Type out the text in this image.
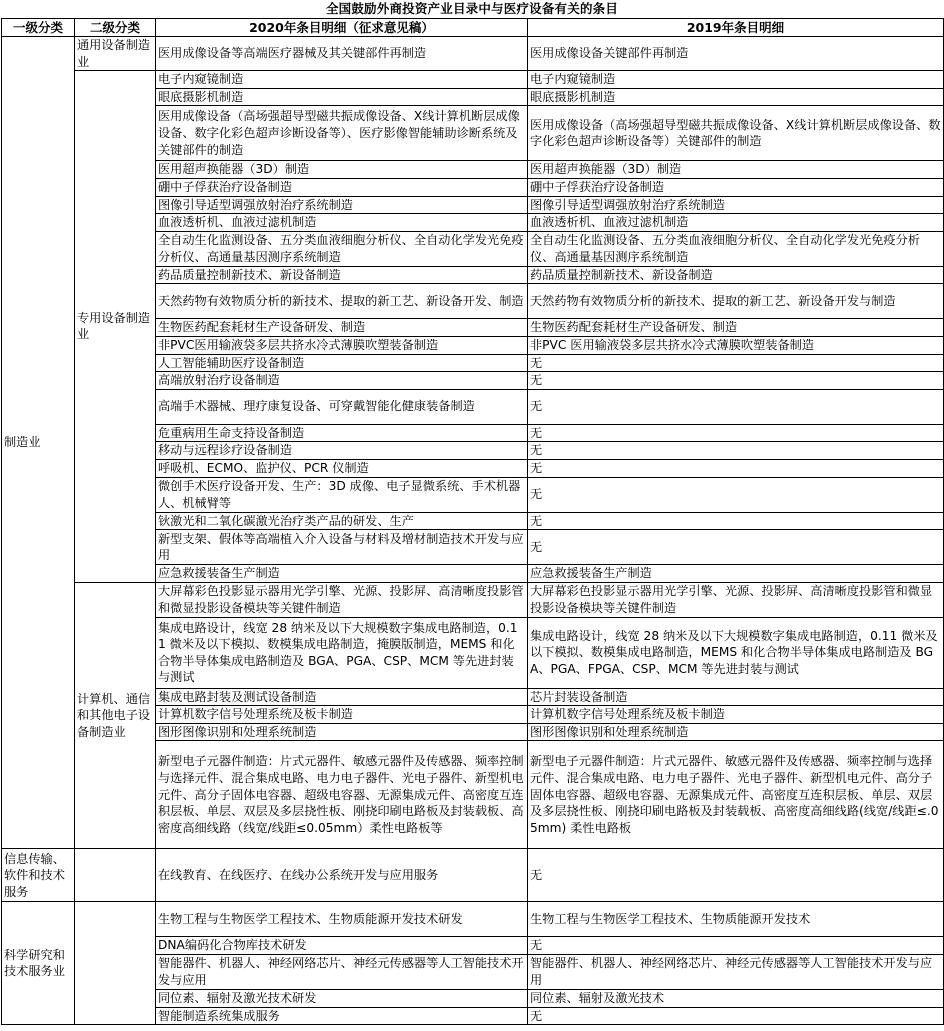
全国鼓励外商投资产业目录中与医疗设备有关的条目
一级分类	二级分类	2020年条目明细（征求意见稿）	2019年条目明细
制造业	通用设备制造业	医用成像设备等高端医疗器械及其关键部件再制造	医用成像设备关键部件再制造
	专用设备制造业	电子内窥镜制造	电子内窥镜制造
		眼底摄影机制造	眼底摄影机制造
		医用成像设备（高场强超导型磁共振成像设备、X线计算机断层成像设备、数字化彩色超声诊断设备等）、医疗影像智能辅助诊断系统及关键部件的制造	医用成像设备（高场强超导型磁共振成像设备、X线计算机断层成像设备、数字化彩色超声诊断设备等）关键部件的制造
		医用超声换能器（3D）制造	医用超声换能器（3D）制造
		硼中子俘获治疗设备制造	硼中子俘获治疗设备制造
		图像引导适型调强放射治疗系统制造	图像引导适型调强放射治疗系统制造
		血液透析机、血液过滤机制造	血液透析机、血液过滤机制造
		全自动生化监测设备、五分类血液细胞分析仪、全自动化学发光免疫分析仪、高通量基因测序系统制造	全自动生化监测设备、五分类血液细胞分析仪、全自动化学发光免疫分析仪、高通量基因测序系统制造
		药品质量控制新技术、新设备制造	药品质量控制新技术、新设备制造
		天然药物有效物质分析的新技术、提取的新工艺、新设备开发、制造	天然药物有效物质分析的新技术、提取的新工艺、新设备开发与制造
		生物医药配套耗材生产设备研发、制造	生物医药配套耗材生产设备研发、制造
		非PVC医用输液袋多层共挤水冷式薄膜吹塑装备制造	非PVC 医用输液袋多层共挤水冷式薄膜吹塑装备制造
		人工智能辅助医疗设备制造	无
		高端放射治疗设备制造	无
		高端手术器械、理疗康复设备、可穿戴智能化健康装备制造	无
		危重病用生命支持设备制造	无
		移动与远程诊疗设备制造	无
		呼吸机、ECMO、监护仪、PCR 仪制造	无
		微创手术医疗设备开发、生产：3D 成像、电子显微系统、手术机器人、机械臂等	无
		钬激光和二氧化碳激光治疗类产品的研发、生产	无
		新型支架、假体等高端植入介入设备与材料及增材制造技术开发与应用	无
		应急救援装备生产制造	应急救援装备生产制造
	计算机、通信和其他电子设备制造业	大屏幕彩色投影显示器用光学引擎、光源、投影屏、高清晰度投影管和微显投影设备模块等关键件制造	大屏幕彩色投影显示器用光学引擎、光源、投影屏、高清晰度投影管和微显投影设备模块等关键件制造
		集成电路设计，线宽 28 纳米及以下大规模数字集成电路制造，0.11 微米及以下模拟、数模集成电路制造，掩膜版制造，MEMS 和化合物半导体集成电路制造及 BGA、PGA、CSP、MCM 等先进封装与测试	集成电路设计，线宽 28 纳米及以下大规模数字集成电路制造，0.11 微米及以下模拟、数模集成电路制造，MEMS 和化合物半导体集成电路制造及 BGA、PGA、FPGA、CSP、MCM 等先进封装与测试
		集成电路封装及测试设备制造	芯片封装设备制造
		计算机数字信号处理系统及板卡制造	计算机数字信号处理系统及板卡制造
		图形图像识别和处理系统制造	图形图像识别和处理系统制造
		新型电子元器件制造：片式元器件、敏感元器件及传感器、频率控制与选择元件、混合集成电路、电力电子器件、光电子器件、新型机电元件、高分子固体电容器、超级电容器、无源集成元件、高密度互连积层板、单层、双层及多层挠性板、刚挠印刷电路板及封装载板、高密度高细线路（线宽/线距≤0.05mm）柔性电路板等	新型电子元器件制造：片式元器件、敏感元器件及传感器、频率控制与选择元件、混合集成电路、电力电子器件、光电子器件、新型机电元件、高分子固体电容器、超级电容器、无源集成元件、高密度互连积层板、单层、双层及多层挠性板、刚挠印刷电路板及封装载板、高密度高细线路(线宽/线距≤.05mm) 柔性电路板
信息传输、软件和技术服务		在线教育、在线医疗、在线办公系统开发与应用服务	无
科学研究和技术服务业		生物工程与生物医学工程技术、生物质能源开发技术研发	生物工程与生物医学工程技术、生物质能源开发技术
		DNA编码化合物库技术研发	无
		智能器件、机器人、神经网络芯片、神经元传感器等人工智能技术开发与应用	智能器件、机器人、神经网络芯片、神经元传感器等人工智能技术开发与应用
		同位素、辐射及激光技术研发	同位素、辐射及激光技术
		智能制造系统集成服务	无
